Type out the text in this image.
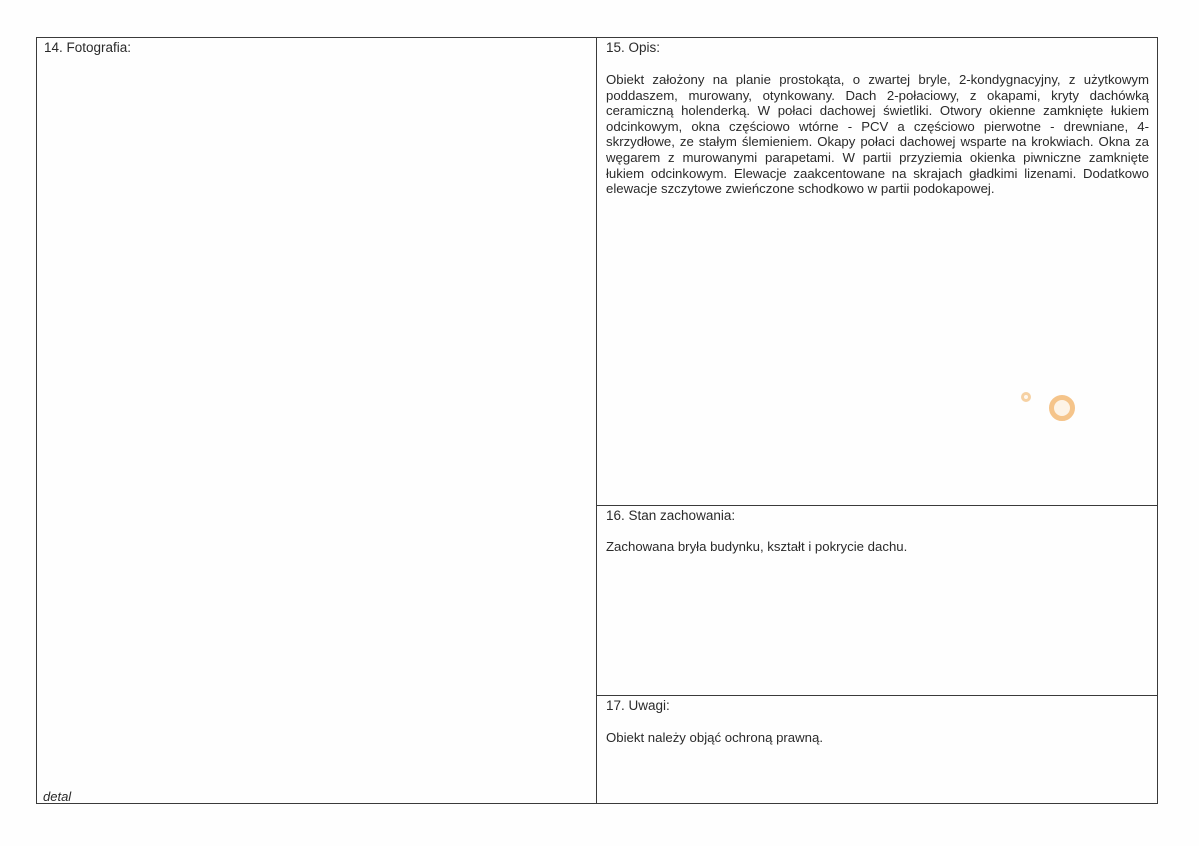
14. Fotografia:
detal
15. Opis:
Obiekt założony na planie prostokąta, o zwartej bryle, 2-kondygnacyjny, z użytkowym poddaszem, murowany, otynkowany. Dach 2-połaciowy, z okapami, kryty dachówką ceramiczną holenderką. W połaci dachowej świetliki. Otwory okienne zamknięte łukiem odcinkowym, okna częściowo wtórne - PCV a częściowo pierwotne - drewniane, 4-skrzydłowe, ze stałym ślemieniem. Okapy połaci dachowej wsparte na krokwiach. Okna za węgarem z murowanymi parapetami. W partii przyziemia okienka piwniczne zamknięte łukiem odcinkowym. Elewacje zaakcentowane na skrajach gładkimi lizenami. Dodatkowo elewacje szczytowe zwieńczone schodkowo w partii podokapowej.
16. Stan zachowania:
Zachowana bryła budynku, kształt i pokrycie dachu.
17. Uwagi:
Obiekt należy objąć ochroną prawną.
